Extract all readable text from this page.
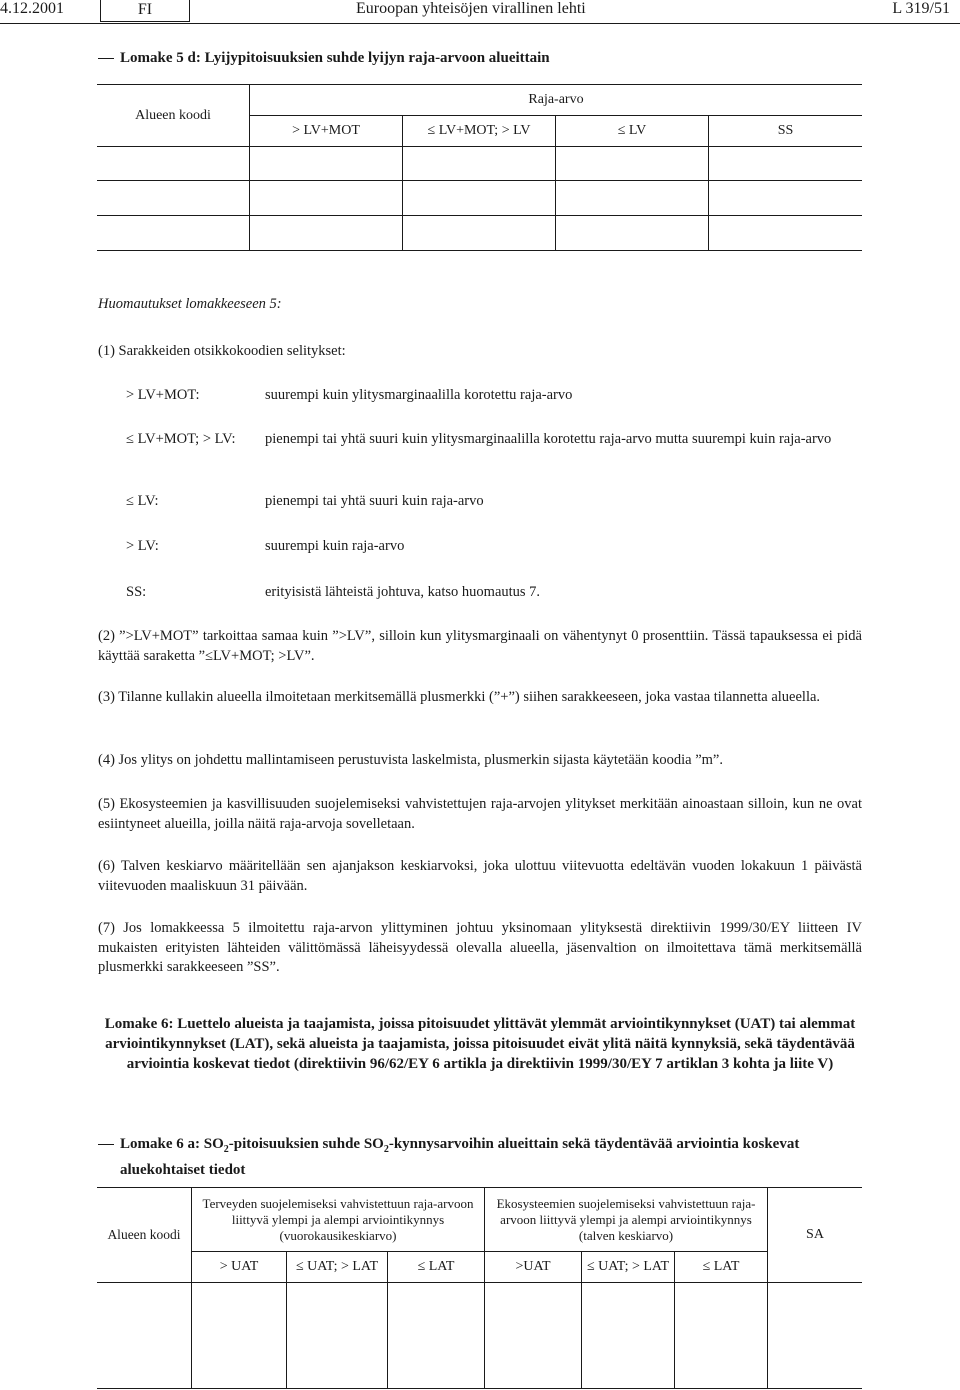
4.12.2001	FI	Euroopan yhteisöjen virallinen lehti	L 319/51
Lomake 5 d: Lyijypitoisuuksien suhde lyijyn raja-arvoon alueittain
Alueen koodi	Raja-arvo			
	> LV+MOT	≤ LV+MOT; > LV	≤ LV	SS

Huomautukset lomakkeeseen 5:
(1) Sarakkeiden otsikkokoodien selitykset:
> LV+MOT:	suurempi kuin ylitysmarginaalilla korotettu raja-arvo
≤ LV+MOT; > LV: pienempi tai yhtä suuri kuin ylitysmarginaalilla korotettu raja-arvo mutta suurempi kuin raja-arvo
≤ LV:	pienempi tai yhtä suuri kuin raja-arvo
> LV:	suurempi kuin raja-arvo
SS:	erityisistä lähteistä johtuva, katso huomautus 7.
(2) ”>LV+MOT” tarkoittaa samaa kuin ”>LV”, silloin kun ylitysmarginaali on vähentynyt 0 prosenttiin. Tässä tapauksessa ei pidä käyttää saraketta ”≤LV+MOT; >LV”.
(3) Tilanne kullakin alueella ilmoitetaan merkitsemällä plusmerkki (”+”) siihen sarakkeeseen, joka vastaa tilannetta alueella.
(4) Jos ylitys on johdettu mallintamiseen perustuvista laskelmista, plusmerkin sijasta käytetään koodia ”m”.
(5) Ekosysteemien ja kasvillisuuden suojelemiseksi vahvistettujen raja-arvojen ylitykset merkitään ainoastaan silloin, kun ne ovat esiintyneet alueilla, joilla näitä raja-arvoja sovelletaan.
(6) Talven keskiarvo määritellään sen ajanjakson keskiarvoksi, joka ulottuu viitevuotta edeltävän vuoden lokakuun 1 päivästä viitevuoden maaliskuun 31 päivään.
(7) Jos lomakkeessa 5 ilmoitettu raja-arvon ylittyminen johtuu yksinomaan ylityksestä direktiivin 1999/30/EY liitteen IV mukaisten erityisten lähteiden välittömässä läheisyydessä olevalla alueella, jäsenvaltion on ilmoitettava tämä merkitsemällä plusmerkki sarakkeeseen ”SS”.
Lomake 6: Luettelo alueista ja taajamista, joissa pitoisuudet ylittävät ylemmät arviointikynnykset (UAT) tai alemmat arviointikynnykset (LAT), sekä alueista ja taajamista, joissa pitoisuudet eivät ylitä näitä kynnyksiä, sekä täydentävää arviointia koskevat tiedot (direktiivin 96/62/EY 6 artikla ja direktiivin 1999/30/EY 7 artiklan 3 kohta ja liite V)
Lomake 6 a: $SO_2$-pitoisuuksien suhde $SO_2$-kynnysarvoihin alueittain sekä täydentävää arviointia koskevat
aluekohtaiset tiedot
Alueen koodi	Terveyden suojelemiseksi vahvistettuun raja-arvoon liittyvä ylempi ja alempi arviointikynnys (vuorokausikeskiarvo)			Ekosysteemien suojelemiseksi vahvistettuun raja-arvoon liittyvä ylempi ja alempi arviointikynnys (talven keskiarvo)			SA
	> UAT	≤ UAT; > LAT	≤ LAT	>UAT	≤ UAT; > LAT	≤ LAT	
